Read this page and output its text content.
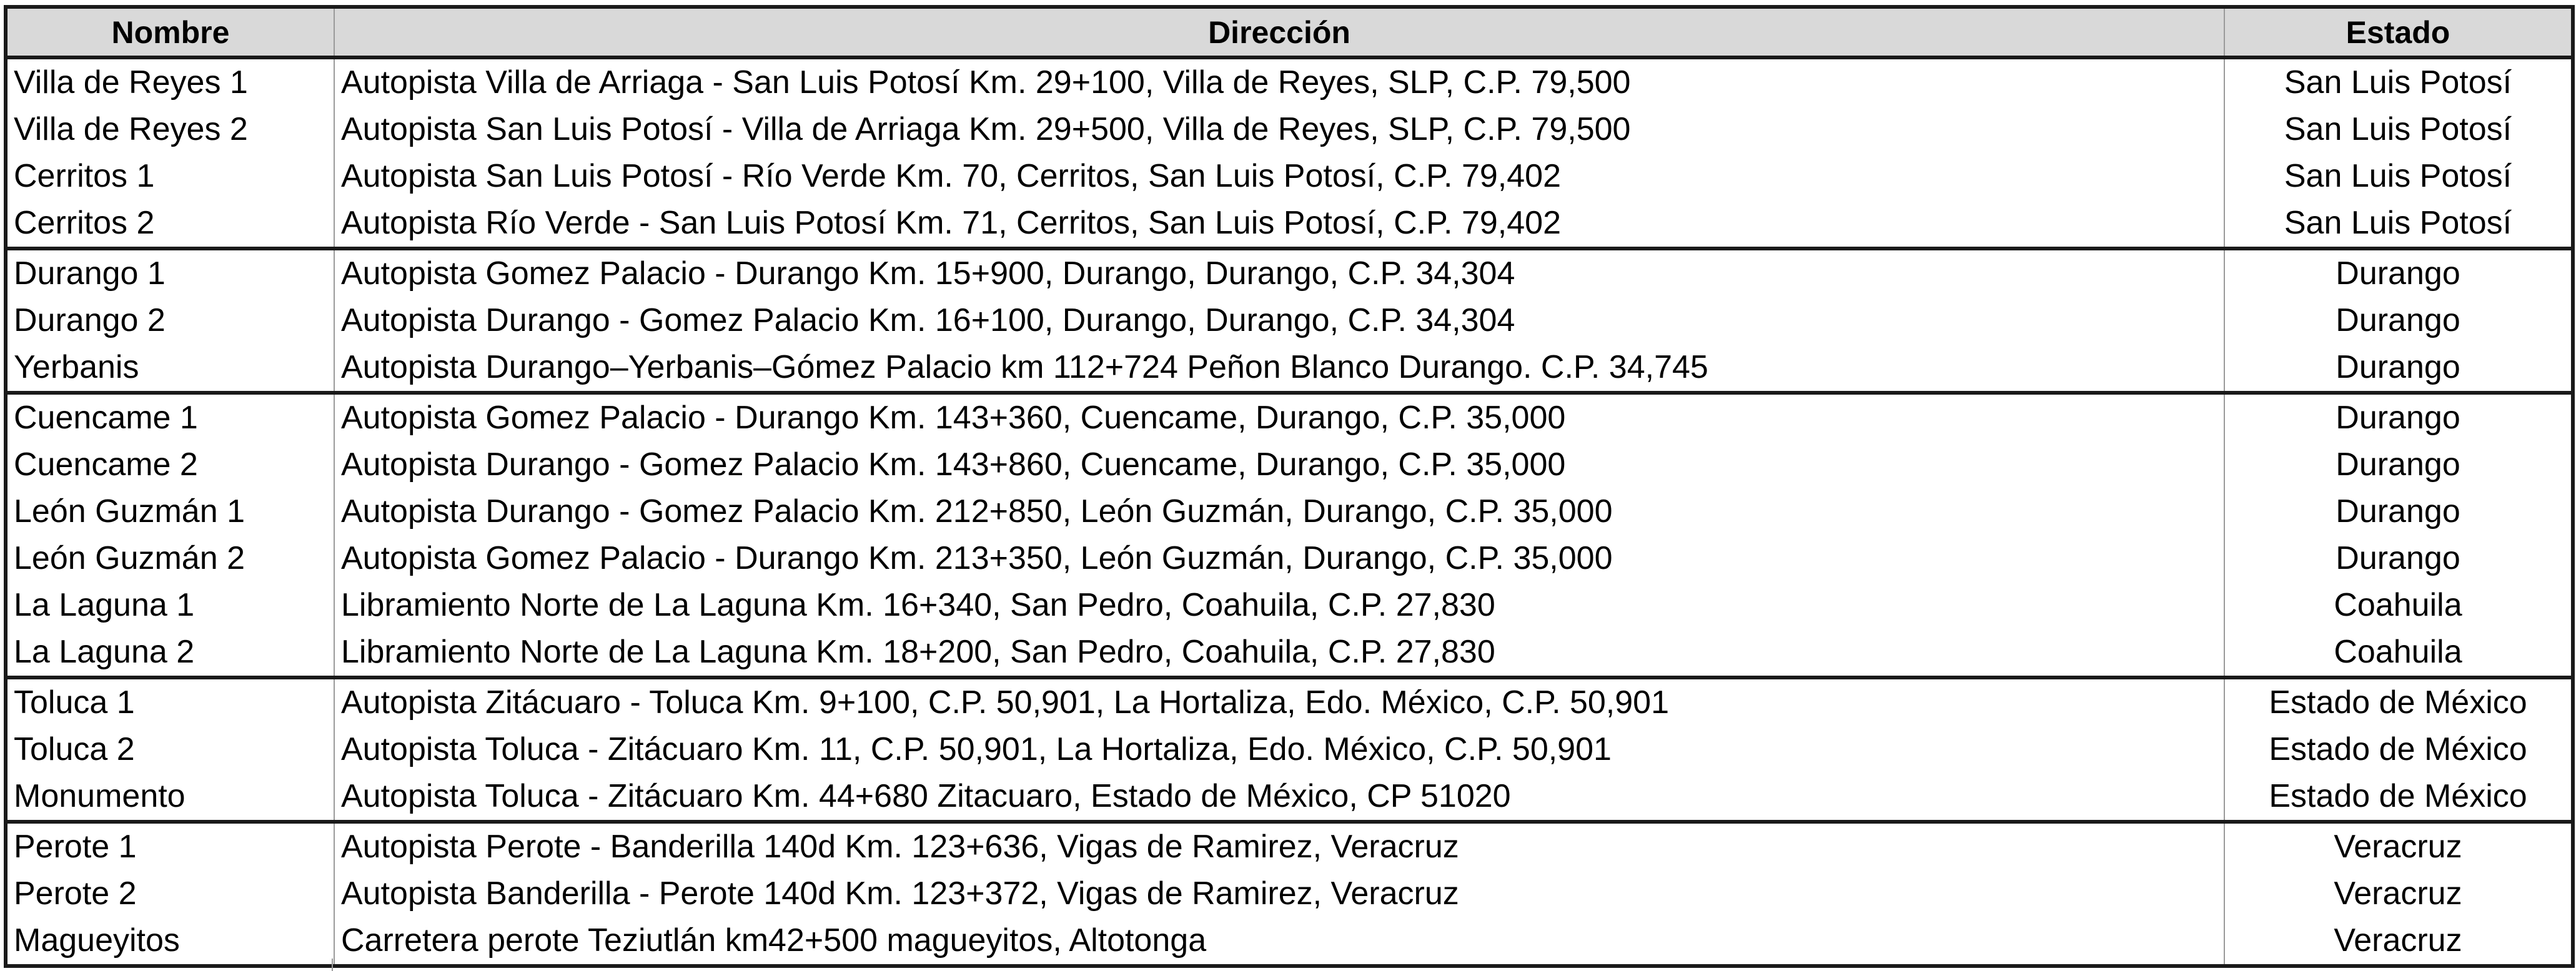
Nombre	Dirección	Estado
Villa de Reyes 1	Autopista Villa de Arriaga - San Luis Potosí Km. 29+100, Villa de Reyes, SLP, C.P. 79,500	San Luis Potosí
Villa de Reyes 2	Autopista San Luis Potosí - Villa de Arriaga Km. 29+500, Villa de Reyes, SLP, C.P. 79,500	San Luis Potosí
Cerritos 1	Autopista San Luis Potosí - Río Verde Km. 70, Cerritos, San Luis Potosí, C.P. 79,402	San Luis Potosí
Cerritos 2	Autopista Río Verde - San Luis Potosí Km. 71, Cerritos, San Luis Potosí, C.P. 79,402	San Luis Potosí
Durango 1	Autopista Gomez Palacio - Durango Km. 15+900, Durango, Durango, C.P. 34,304	Durango
Durango 2	Autopista Durango - Gomez Palacio Km. 16+100, Durango, Durango, C.P. 34,304	Durango
Yerbanis	Autopista Durango–Yerbanis–Gómez Palacio km 112+724 Peñon Blanco Durango. C.P. 34,745	Durango
Cuencame 1	Autopista Gomez Palacio - Durango Km. 143+360, Cuencame, Durango, C.P. 35,000	Durango
Cuencame 2	Autopista Durango - Gomez Palacio Km. 143+860, Cuencame, Durango, C.P. 35,000	Durango
León Guzmán 1	Autopista Durango - Gomez Palacio Km. 212+850, León Guzmán, Durango, C.P. 35,000	Durango
León Guzmán 2	Autopista Gomez Palacio - Durango Km. 213+350, León Guzmán, Durango, C.P. 35,000	Durango
La Laguna 1	Libramiento Norte de La Laguna Km. 16+340, San Pedro, Coahuila, C.P. 27,830	Coahuila
La Laguna 2	Libramiento Norte de La Laguna Km. 18+200, San Pedro, Coahuila, C.P. 27,830	Coahuila
Toluca 1	Autopista Zitácuaro - Toluca Km. 9+100, C.P. 50,901, La Hortaliza, Edo. México, C.P. 50,901	Estado de México
Toluca 2	Autopista Toluca - Zitácuaro Km. 11, C.P. 50,901, La Hortaliza, Edo. México, C.P. 50,901	Estado de México
Monumento	Autopista Toluca - Zitácuaro Km. 44+680 Zitacuaro, Estado de México, CP 51020	Estado de México
Perote 1	Autopista Perote - Banderilla 140d Km. 123+636, Vigas de Ramirez, Veracruz	Veracruz
Perote 2	Autopista Banderilla - Perote 140d Km. 123+372, Vigas de Ramirez, Veracruz	Veracruz
Magueyitos	Carretera perote Teziutlán km42+500 magueyitos, Altotonga	Veracruz
